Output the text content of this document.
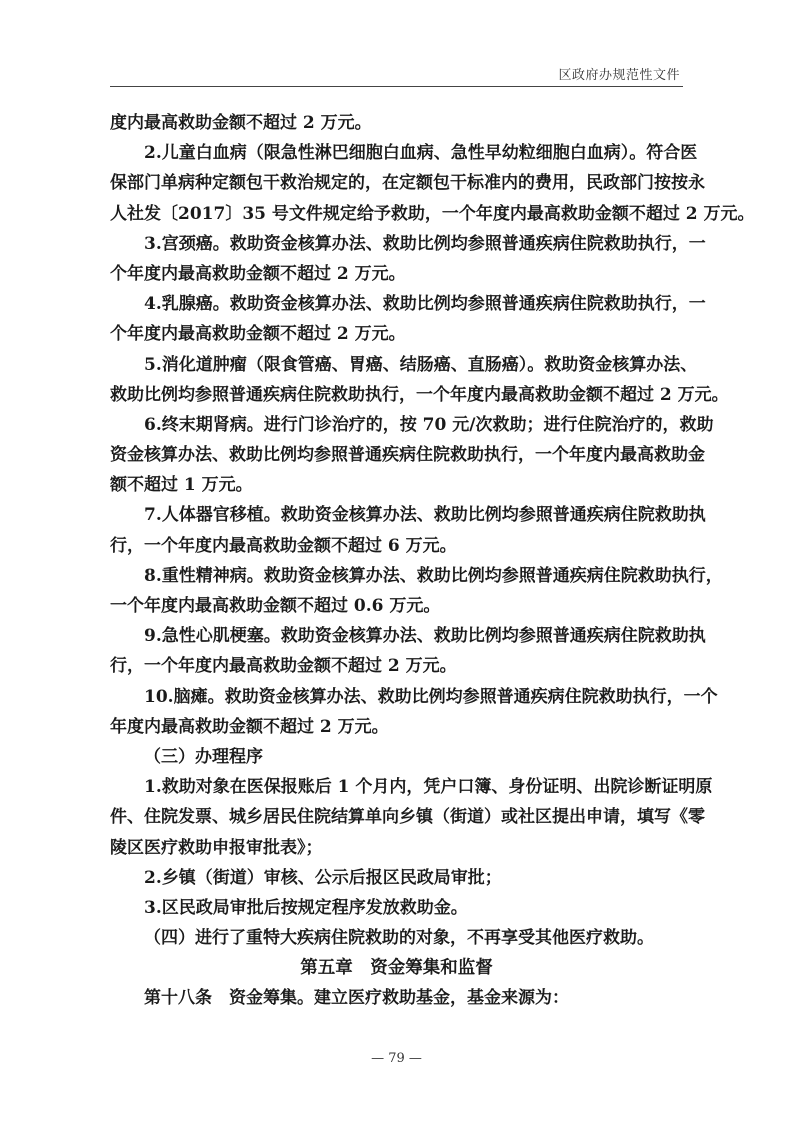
区政府办规范性文件
度内最高救助金额不超过 2 万元。
2.儿童白血病（限急性淋巴细胞白血病、急性早幼粒细胞白血病）。符合医
保部门单病种定额包干救治规定的，在定额包干标准内的费用，民政部门按按永
人社发〔2017〕35 号文件规定给予救助，一个年度内最高救助金额不超过 2 万元。
3.宫颈癌。救助资金核算办法、救助比例均参照普通疾病住院救助执行，一
个年度内最高救助金额不超过 2 万元。
4.乳腺癌。救助资金核算办法、救助比例均参照普通疾病住院救助执行，一
个年度内最高救助金额不超过 2 万元。
5.消化道肿瘤（限食管癌、胃癌、结肠癌、直肠癌）。救助资金核算办法、
救助比例均参照普通疾病住院救助执行，一个年度内最高救助金额不超过 2 万元。
6.终末期肾病。进行门诊治疗的，按 70 元/次救助；进行住院治疗的，救助
资金核算办法、救助比例均参照普通疾病住院救助执行，一个年度内最高救助金
额不超过 1 万元。
7.人体器官移植。救助资金核算办法、救助比例均参照普通疾病住院救助执
行，一个年度内最高救助金额不超过 6 万元。
8.重性精神病。救助资金核算办法、救助比例均参照普通疾病住院救助执行，
一个年度内最高救助金额不超过 0.6 万元。
9.急性心肌梗塞。救助资金核算办法、救助比例均参照普通疾病住院救助执
行，一个年度内最高救助金额不超过 2 万元。
10.脑瘫。救助资金核算办法、救助比例均参照普通疾病住院救助执行，一个
年度内最高救助金额不超过 2 万元。
（三）办理程序
1.救助对象在医保报账后 1 个月内，凭户口簿、身份证明、出院诊断证明原
件、住院发票、城乡居民住院结算单向乡镇（街道）或社区提出申请，填写《零
陵区医疗救助申报审批表》；
2.乡镇（街道）审核、公示后报区民政局审批；
3.区民政局审批后按规定程序发放救助金。
（四）进行了重特大疾病住院救助的对象，不再享受其他医疗救助。
第五章　资金筹集和监督
第十八条　资金筹集。建立医疗救助基金，基金来源为：
— 79 —
